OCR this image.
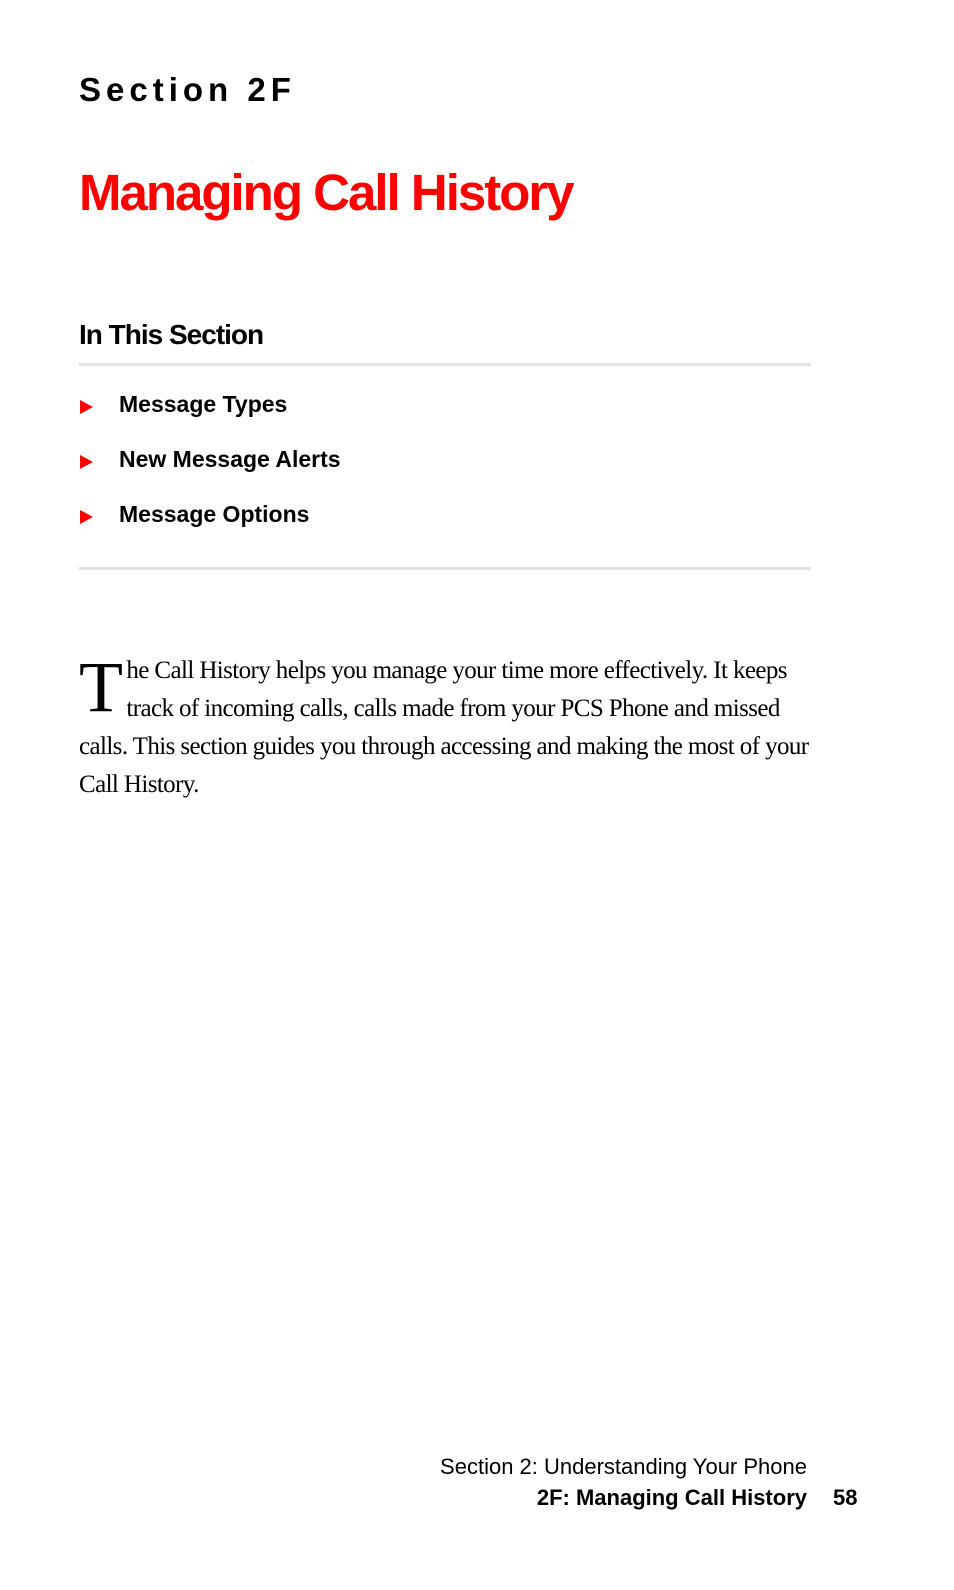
Section 2F
Managing Call History
In This Section
Message Types
New Message Alerts
Message Options

The Call History helps you manage your time more effectively. It keeps track of incoming calls, calls made from your PCS Phone and missed calls. This section guides you through accessing and making the most of your Call History.

Section 2: Understanding Your Phone
2F: Managing Call History 58
